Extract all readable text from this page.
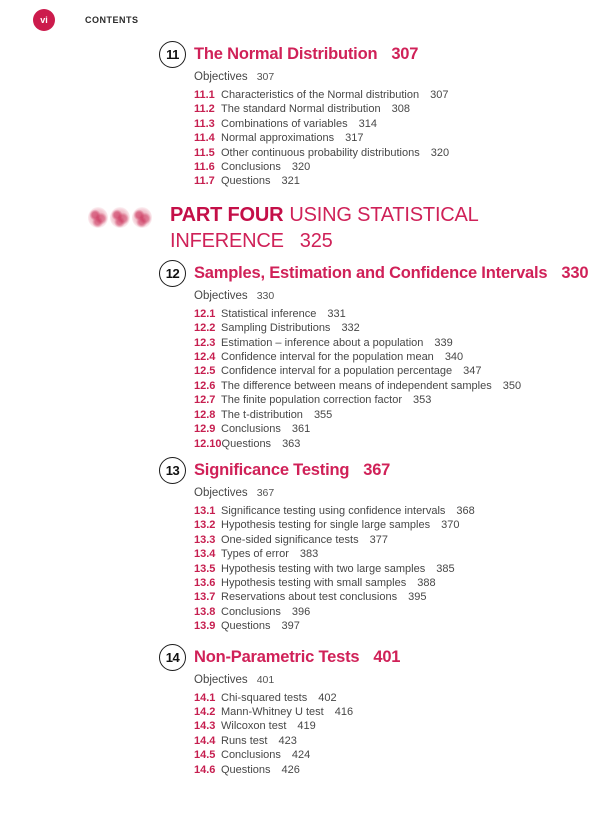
vi	CONTENTS
11 The Normal Distribution 307
Objectives 307
11.1 Characteristics of the Normal distribution 307
11.2 The standard Normal distribution 308
11.3 Combinations of variables 314
11.4 Normal approximations 317
11.5 Other continuous probability distributions 320
11.6 Conclusions 320
11.7 Questions 321
PART FOUR USING STATISTICAL INFERENCE 325
12 Samples, Estimation and Confidence Intervals 330
Objectives 330
12.1 Statistical inference 331
12.2 Sampling Distributions 332
12.3 Estimation – inference about a population 339
12.4 Confidence interval for the population mean 340
12.5 Confidence interval for a population percentage 347
12.6 The difference between means of independent samples 350
12.7 The finite population correction factor 353
12.8 The t-distribution 355
12.9 Conclusions 361
12.10 Questions 363
13 Significance Testing 367
Objectives 367
13.1 Significance testing using confidence intervals 368
13.2 Hypothesis testing for single large samples 370
13.3 One-sided significance tests 377
13.4 Types of error 383
13.5 Hypothesis testing with two large samples 385
13.6 Hypothesis testing with small samples 388
13.7 Reservations about test conclusions 395
13.8 Conclusions 396
13.9 Questions 397
14 Non-Parametric Tests 401
Objectives 401
14.1 Chi-squared tests 402
14.2 Mann-Whitney U test 416
14.3 Wilcoxon test 419
14.4 Runs test 423
14.5 Conclusions 424
14.6 Questions 426
